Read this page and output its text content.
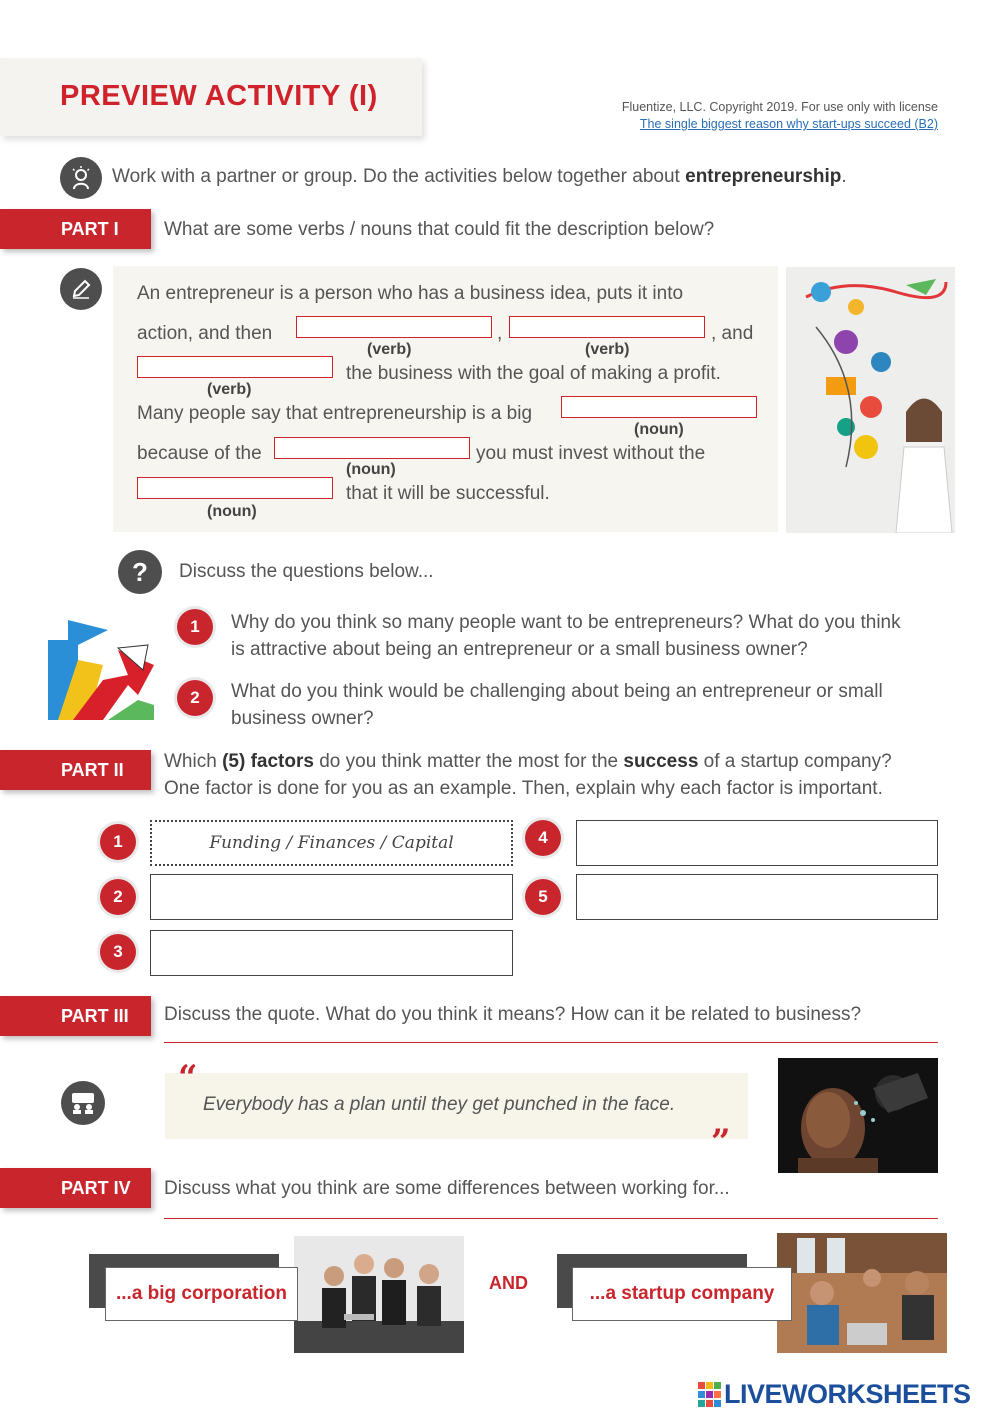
PREVIEW ACTIVITY (I)	Fluentize, LLC. Copyright 2019. For use only with license
The single biggest reason why start-ups succeed (B2)
Work with a partner or group. Do the activities below together about entrepreneurship.
PART I	What are some verbs / nouns that could fit the description below?
An entrepreneur is a person who has a business idea, puts it into
action, and then	,	, and
(verb)	(verb)
the business with the goal of making a profit.
(verb)
Many people say that entrepreneurship is a big
(noun)
because of the	you must invest without the
(noun)
that it will be successful.
(noun)
? Discuss the questions below...
1	Why do you think so many people want to be entrepreneurs? What do you think
is attractive about being an entrepreneur or a small business owner?
2	What do you think would be challenging about being an entrepreneur or small
business owner?
PART II	Which (5) factors do you think matter the most for the success of a startup company?
One factor is done for you as an example. Then, explain why each factor is important.
1	Funding / Finances / Capital
2
3
4
5
PART III	Discuss the quote. What do you think it means? How can it be related to business?
“
Everybody has a plan until they get punched in the face.
”
PART IV	Discuss what you think are some differences between working for...
...a big corporation	AND	...a startup company
LIVEWORKSHEETS
